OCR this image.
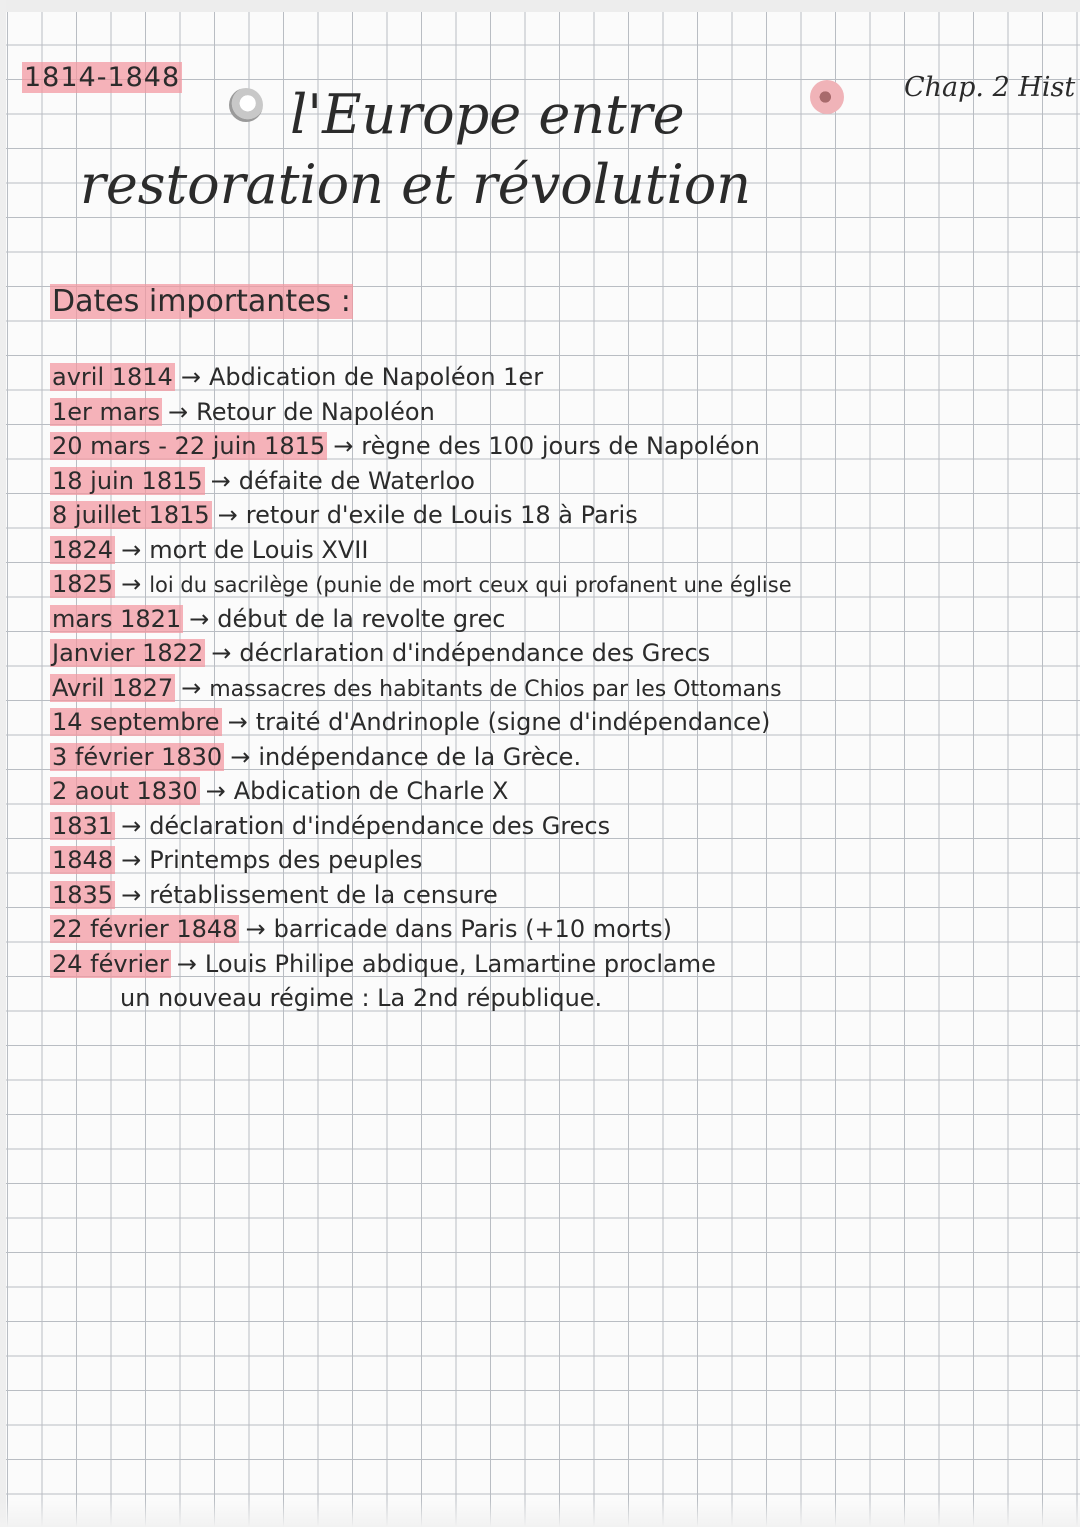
1814-1848	Chap. 2 Hist
l'Europe entre
restoration et révolution
Dates importantes :
avril 1814 → Abdication de Napoléon 1er
1er mars → Retour de Napoléon
20 mars - 22 juin 1815 → règne des 100 jours de Napoléon
18 juin 1815 → défaite de Waterloo
8 juillet 1815 → retour d'exile de Louis 18 à Paris
1824 → mort de Louis XVII
1825 → loi du sacrilège (punie de mort ceux qui profanent une église
mars 1821 → début de la revolte grec
Janvier 1822 → décrlaration d'indépendance des Grecs
Avril 1827 → massacres des habitants de Chios par les Ottomans
14 septembre → traité d'Andrinople (signe d'indépendance)
3 février 1830 → indépendance de la Grèce.
2 aout 1830 → Abdication de Charle X
1831 → déclaration d'indépendance des Grecs
1848 → Printemps des peuples
1835 → rétablissement de la censure
22 février 1848 → barricade dans Paris (+10 morts)
24 février → Louis Philipe abdique, Lamartine proclame
un nouveau régime : La 2nd république.
